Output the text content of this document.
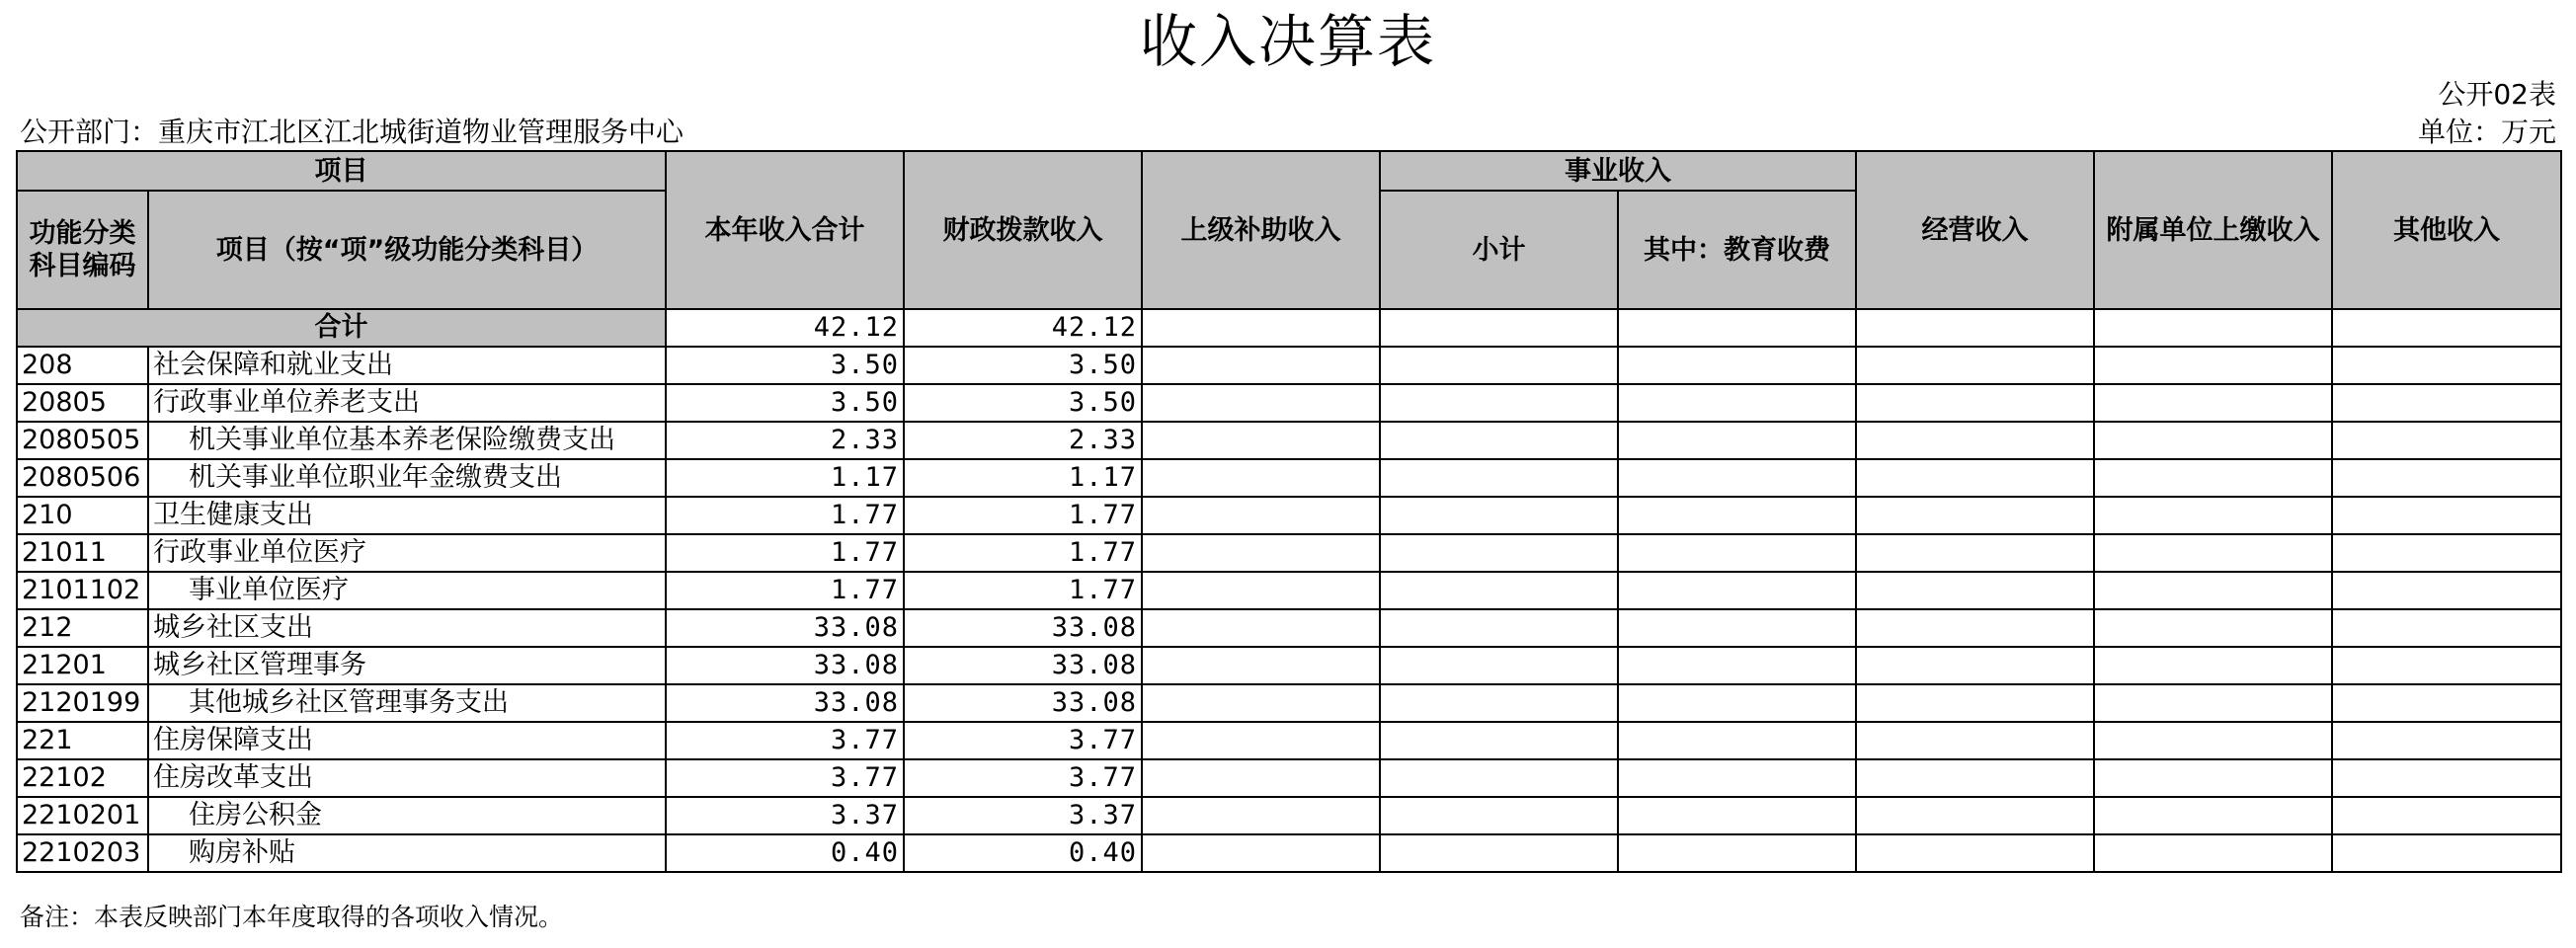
收入决算表
公开02表
公开部门：重庆市江北区江北城街道物业管理服务中心	单位：万元
项目		本年收入合计	财政拨款收入	上级补助收入	事业收入		经营收入	附属单位上缴收入	其他收入
功能分类科目编码	项目（按“项”级功能分类科目）				小计	其中：教育收费			
合计		42.12	42.12						
208	社会保障和就业支出	3.50	3.50						
20805	行政事业单位养老支出	3.50	3.50						
2080505	机关事业单位基本养老保险缴费支出	2.33	2.33						
2080506	机关事业单位职业年金缴费支出	1.17	1.17						
210	卫生健康支出	1.77	1.77						
21011	行政事业单位医疗	1.77	1.77						
2101102	事业单位医疗	1.77	1.77						
212	城乡社区支出	33.08	33.08						
21201	城乡社区管理事务	33.08	33.08						
2120199	其他城乡社区管理事务支出	33.08	33.08						
221	住房保障支出	3.77	3.77						
22102	住房改革支出	3.77	3.77						
2210201	住房公积金	3.37	3.37						
2210203	购房补贴	0.40	0.40						
备注：本表反映部门本年度取得的各项收入情况。
